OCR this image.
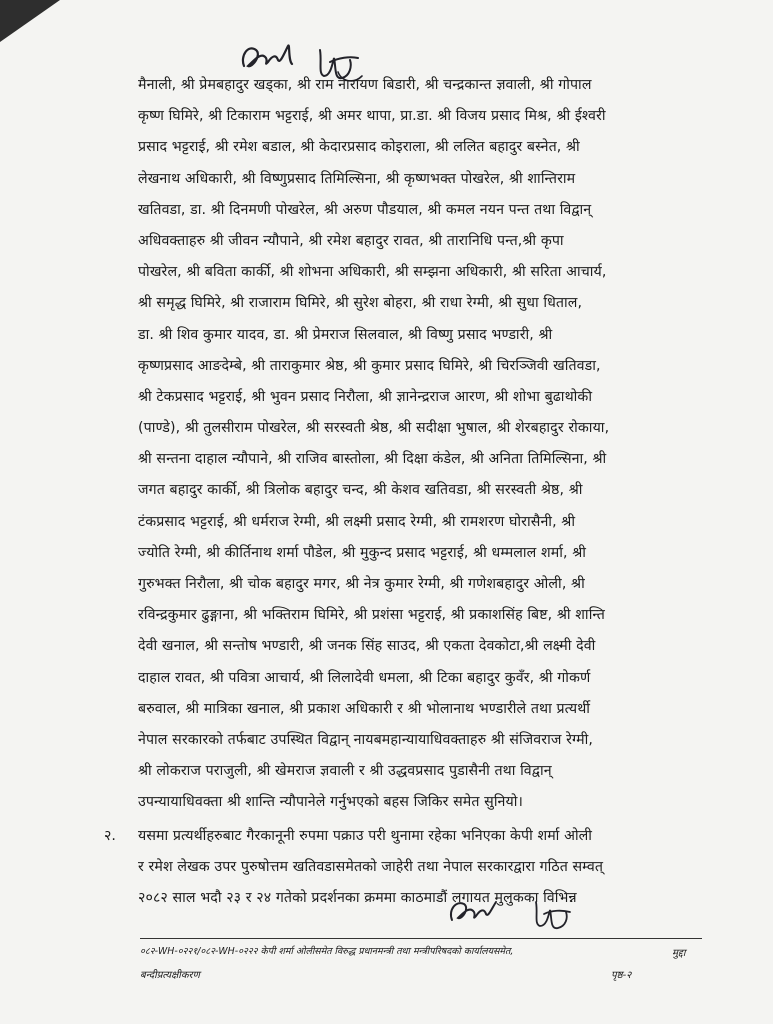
मैनाली, श्री प्रेमबहादुर खड्का, श्री राम नारायण बिडारी, श्री चन्द्रकान्त ज्ञवाली, श्री गोपाल
कृष्ण घिमिरे, श्री टिकाराम भट्टराई, श्री अमर थापा, प्रा.डा. श्री विजय प्रसाद मिश्र, श्री ईश्वरी
प्रसाद भट्टराई, श्री रमेश बडाल, श्री केदारप्रसाद कोइराला, श्री ललित बहादुर बस्नेत, श्री
लेखनाथ अधिकारी, श्री विष्णुप्रसाद तिमिल्सिना, श्री कृष्णभक्त पोखरेल, श्री शान्तिराम
खतिवडा, डा. श्री दिनमणी पोखरेल, श्री अरुण पौडयाल, श्री कमल नयन पन्त तथा विद्वान्
अधिवक्ताहरु श्री जीवन न्यौपाने, श्री रमेश बहादुर रावत, श्री तारानिधि पन्त,श्री कृपा
पोखरेल, श्री बविता कार्की, श्री शोभना अधिकारी, श्री सम्झना अधिकारी, श्री सरिता आचार्य,
श्री समृद्ध घिमिरे, श्री राजाराम घिमिरे, श्री सुरेश बोहरा, श्री राधा रेग्मी, श्री सुधा धिताल,
डा. श्री शिव कुमार यादव, डा. श्री प्रेमराज सिलवाल, श्री विष्णु प्रसाद भण्डारी, श्री
कृष्णप्रसाद आङदेम्बे, श्री ताराकुमार श्रेष्ठ, श्री कुमार प्रसाद घिमिरे, श्री चिरञ्जिवी खतिवडा,
श्री टेकप्रसाद भट्टराई, श्री भुवन प्रसाद निरौला, श्री ज्ञानेन्द्रराज आरण, श्री शोभा बुढाथोकी
(पाण्डे), श्री तुलसीराम पोखरेल, श्री सरस्वती श्रेष्ठ, श्री सदीक्षा भुषाल, श्री शेरबहादुर रोकाया,
श्री सन्तना दाहाल न्यौपाने, श्री राजिव बास्तोला, श्री दिक्षा कंडेल, श्री अनिता तिमिल्सिना, श्री
जगत बहादुर कार्की, श्री त्रिलोक बहादुर चन्द, श्री केशव खतिवडा, श्री सरस्वती श्रेष्ठ, श्री
टंकप्रसाद भट्टराई, श्री धर्मराज रेग्मी, श्री लक्ष्मी प्रसाद रेग्मी, श्री रामशरण घोरासैनी, श्री
ज्योति रेग्मी, श्री कीर्तिनाथ शर्मा पौडेल, श्री मुकुन्द प्रसाद भट्टराई, श्री धम्मलाल शर्मा, श्री
गुरुभक्त निरौला, श्री चोक बहादुर मगर, श्री नेत्र कुमार रेग्मी, श्री गणेशबहादुर ओली, श्री
रविन्द्रकुमार ढुङ्गाना, श्री भक्तिराम घिमिरे, श्री प्रशंसा भट्टराई, श्री प्रकाशसिंह बिष्ट, श्री शान्ति
देवी खनाल, श्री सन्तोष भण्डारी, श्री जनक सिंह साउद, श्री एकता देवकोटा,श्री लक्ष्मी देवी
दाहाल रावत, श्री पवित्रा आचार्य, श्री लिलादेवी धमला, श्री टिका बहादुर कुवँर, श्री गोकर्ण
बरुवाल, श्री मात्रिका खनाल, श्री प्रकाश अधिकारी र श्री भोलानाथ भण्डारीले तथा प्रत्यर्थी
नेपाल सरकारको तर्फबाट उपस्थित विद्वान् नायबमहान्यायाधिवक्ताहरु श्री संजिवराज रेग्मी,
श्री लोकराज पराजुली, श्री खेमराज ज्ञवाली र श्री उद्धवप्रसाद पुडासैनी तथा विद्वान्
उपन्यायाधिवक्ता श्री शान्ति न्यौपानेले गर्नुभएको बहस जिकिर समेत सुनियो।
२. यसमा प्रत्यर्थीहरुबाट गैरकानूनी रुपमा पक्राउ परी थुनामा रहेका भनिएका केपी शर्मा ओली
र रमेश लेखक उपर पुरुषोत्तम खतिवडासमेतको जाहेरी तथा नेपाल सरकारद्वारा गठित सम्वत्
२०८२ साल भदौ २३ र २४ गतेको प्रदर्शनका क्रममा काठमाडौं लगायत मुलुकका विभिन्न
०८२-WH-०२२१/०८२-WH-०२२२ केपी शर्मा ओलीसमेत विरुद्ध प्रधानमन्त्री तथा मन्त्रीपरिषदको कार्यालयसमेत,	मुद्दा
बन्दीप्रत्यक्षीकरण	पृष्ठ-२
